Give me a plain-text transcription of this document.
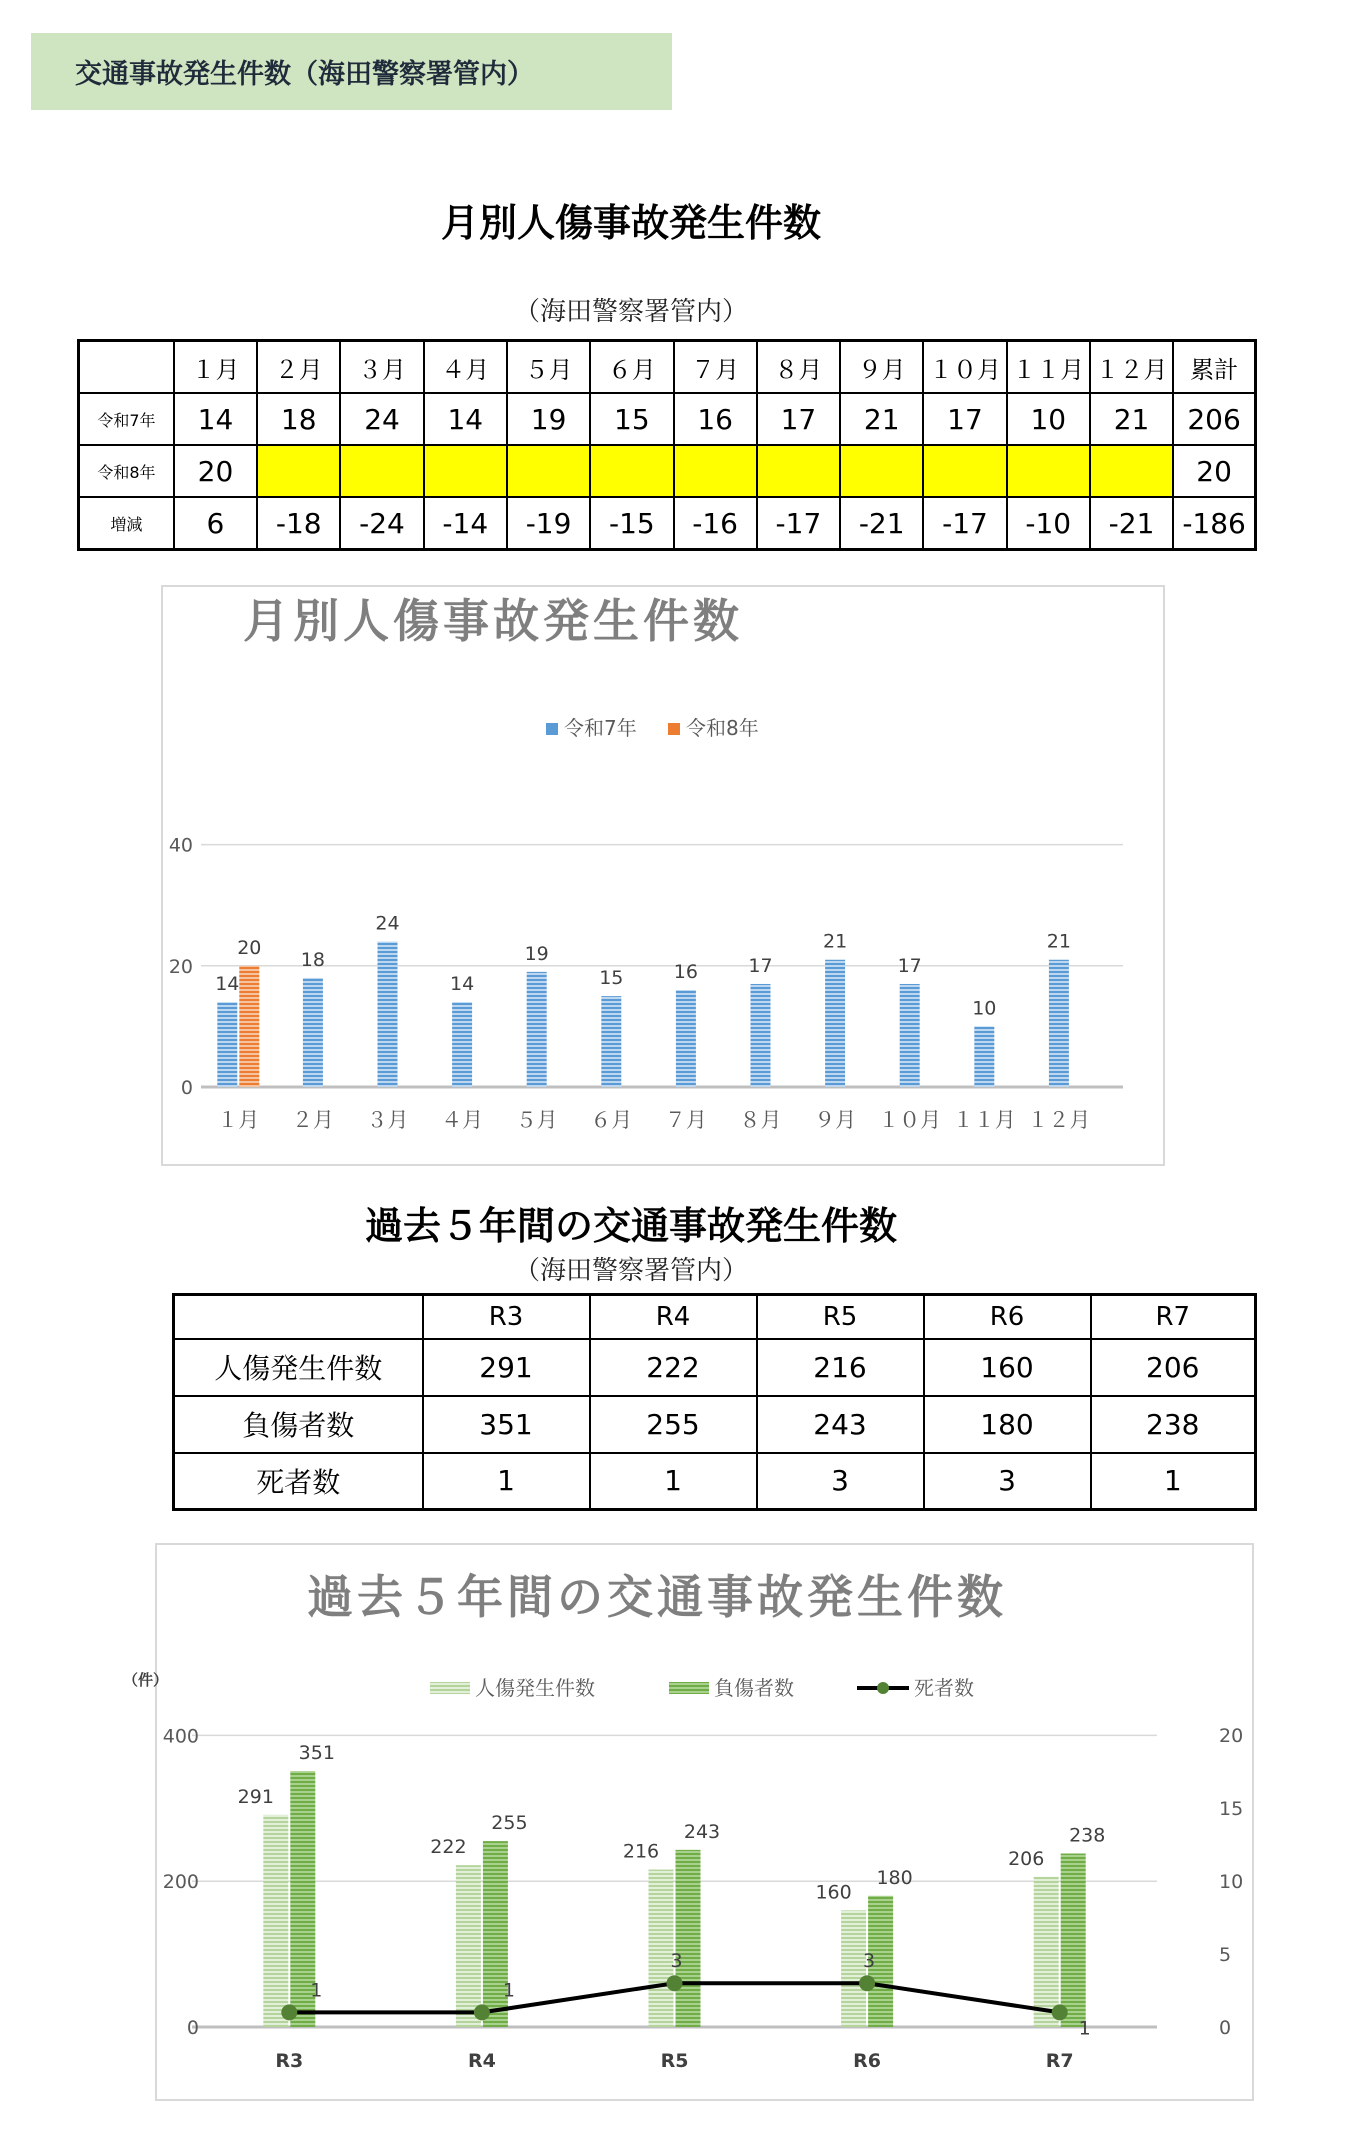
交通事故発生件数（海田警察署管内）
月別人傷事故発生件数
（海田警察署管内）
	１月	２月	３月	４月	５月	６月	７月	８月	９月	１０月	１１月	１２月	累計
令和7年	14	18	24	14	19	15	16	17	21	17	10	21	206
令和8年	20												20
増減	6	-18	-24	-14	-19	-15	-16	-17	-21	-17	-10	-21	-186
月別人傷事故発生件数
令和7年 令和8年
0
20
40
１月
14
20
２月
18
３月
24
４月
14
５月
19
６月
15
７月
16
８月
17
９月
21
１０月
17
１１月
10
１２月
21
過去５年間の交通事故発生件数
（海田警察署管内）
	R3	R4	R5	R6	R7
人傷発生件数	291	222	216	160	206
負傷者数	351	255	243	180	238
死者数	1	1	3	3	1
過去５年間の交通事故発生件数
（件）	人傷発生件数	負傷者数	死者数
0
200
400
0
5
10
15
20
R3
291
351
R4
222
255
R5
216
243
R6
160
180
R7
206
238
1	1
3	3
1
